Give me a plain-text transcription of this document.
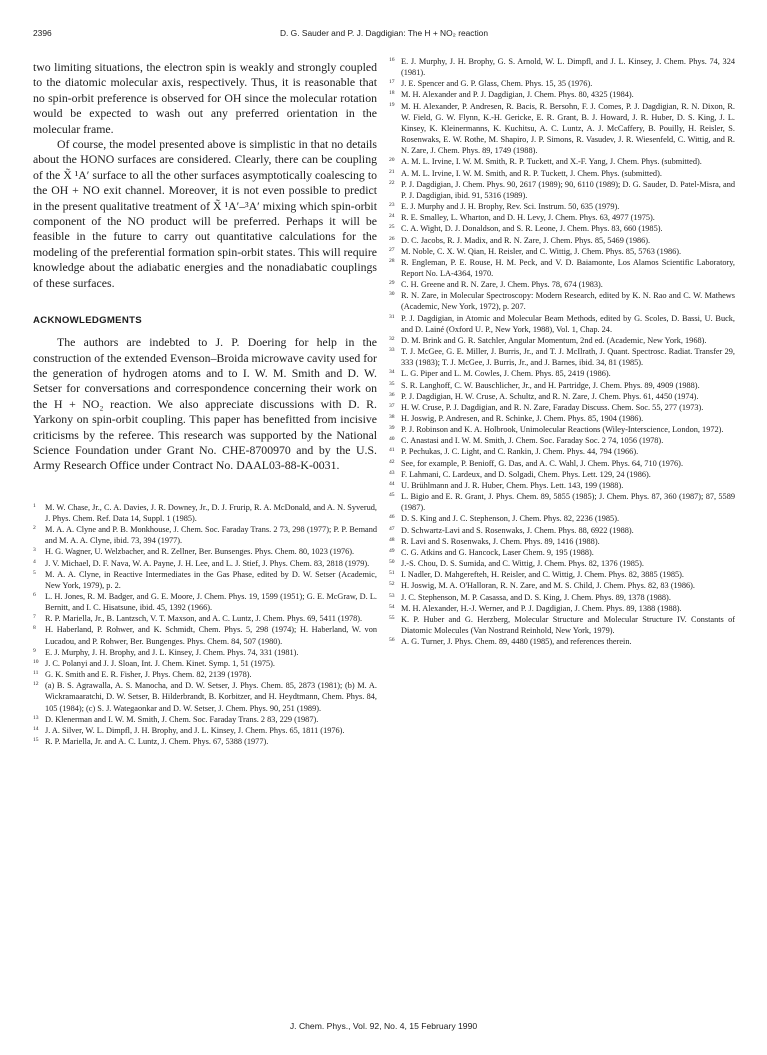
2396	D. G. Sauder and P. J. Dagdigian: The H + NO₂ reaction

two limiting situations, the electron spin is weakly and strongly coupled to the diatomic molecular axis, respectively. Thus, it is reasonable that no spin-orbit preference is observed for OH since the molecular rotation would be expected to wash out any preferred orientation in the molecular frame.

Of course, the model presented above is simplistic in that no details about the HONO surfaces are considered. Clearly, there can be coupling of the X̃ ¹A′ surface to all the other surfaces asymptotically coalescing to the OH + NO exit channel. Moreover, it is not even possible to predict in the present qualitative treatment of X̃ ¹A′–³A′ mixing which spin-orbit component of the NO product will be preferred. Perhaps it will be feasible in the future to carry out quantitative calculations for the modeling of the preferential formation spin-orbit states. This will require knowledge about the adiabatic energies and the nonadiabatic couplings of these surfaces.

ACKNOWLEDGMENTS

The authors are indebted to J. P. Doering for help in the construction of the extended Evenson–Broida microwave cavity used for the generation of hydrogen atoms and to I. W. M. Smith and D. W. Setser for conversations and correspondence concerning their work on the H + NO₂ reaction. We also appreciate discussions with D. R. Yarkony on spin-orbit coupling. This paper has benefitted from incisive criticisms by the referee. This research was supported by the National Science Foundation under Grant No. CHE-8700970 and by the U.S. Army Research Office under Contract No. DAAL03-88-K-0031.

1 M. W. Chase, Jr., C. A. Davies, J. R. Downey, Jr., D. J. Frurip, R. A. McDonald, and A. N. Syverud, J. Phys. Chem. Ref. Data 14, Suppl. 1 (1985).
2 M. A. A. Clyne and P. B. Monkhouse, J. Chem. Soc. Faraday Trans. 2 73, 298 (1977); P. P. Bemand and M. A. A. Clyne, ibid. 73, 394 (1977).
3 H. G. Wagner, U. Welzbacher, and R. Zellner, Ber. Bunsenges. Phys. Chem. 80, 1023 (1976).
4 J. V. Michael, D. F. Nava, W. A. Payne, J. H. Lee, and L. J. Stief, J. Phys. Chem. 83, 2818 (1979).
5 M. A. A. Clyne, in Reactive Intermediates in the Gas Phase, edited by D. W. Setser (Academic, New York, 1979), p. 2.
6 L. H. Jones, R. M. Badger, and G. E. Moore, J. Chem. Phys. 19, 1599 (1951); G. E. McGraw, D. L. Bernitt, and I. C. Hisatsune, ibid. 45, 1392 (1966).
7 R. P. Mariella, Jr., B. Lantzsch, V. T. Maxson, and A. C. Luntz, J. Chem. Phys. 69, 5411 (1978).
8 H. Haberland, P. Rohwer, and K. Schmidt, Chem. Phys. 5, 298 (1974); H. Haberland, W. von Lucadou, and P. Rohwer, Ber. Bungenges. Phys. Chem. 84, 507 (1980).
9 E. J. Murphy, J. H. Brophy, and J. L. Kinsey, J. Chem. Phys. 74, 331 (1981).
10 J. C. Polanyi and J. J. Sloan, Int. J. Chem. Kinet. Symp. 1, 51 (1975).
11 G. K. Smith and E. R. Fisher, J. Phys. Chem. 82, 2139 (1978).
12 (a) B. S. Agrawalla, A. S. Manocha, and D. W. Setser, J. Phys. Chem. 85, 2873 (1981); (b) M. A. Wickramaaratchi, D. W. Setser, B. Hilderbrandt, B. Korbitzer, and H. Heydtmann, Chem. Phys. 84, 105 (1984); (c) S. J. Wategaonkar and D. W. Setser, J. Chem. Phys. 90, 251 (1989).
13 D. Klenerman and I. W. M. Smith, J. Chem. Soc. Faraday Trans. 2 83, 229 (1987).
14 J. A. Silver, W. L. Dimpfl, J. H. Brophy, and J. L. Kinsey, J. Chem. Phys. 65, 1811 (1976).
15 R. P. Mariella, Jr. and A. C. Luntz, J. Chem. Phys. 67, 5388 (1977).
16 E. J. Murphy, J. H. Brophy, G. S. Arnold, W. L. Dimpfl, and J. L. Kinsey, J. Chem. Phys. 74, 324 (1981).
17 J. E. Spencer and G. P. Glass, Chem. Phys. 15, 35 (1976).
18 M. H. Alexander and P. J. Dagdigian, J. Chem. Phys. 80, 4325 (1984).
19 M. H. Alexander, P. Andresen, R. Bacis, R. Bersohn, F. J. Comes, P. J. Dagdigian, R. N. Dixon, R. W. Field, G. W. Flynn, K.-H. Gericke, E. R. Grant, B. J. Howard, J. R. Huber, D. S. King, J. L. Kinsey, K. Kleinermanns, K. Kuchitsu, A. C. Luntz, A. J. McCaffery, B. Pouilly, H. Reisler, S. Rosenwaks, E. W. Rothe, M. Shapiro, J. P. Simons, R. Vasudev, J. R. Wiesenfeld, C. Wittig, and R. N. Zare, J. Chem. Phys. 89, 1749 (1988).
20 A. M. L. Irvine, I. W. M. Smith, R. P. Tuckett, and X.-F. Yang, J. Chem. Phys. (submitted).
21 A. M. L. Irvine, I. W. M. Smith, and R. P. Tuckett, J. Chem. Phys. (submitted).
22 P. J. Dagdigian, J. Chem. Phys. 90, 2617 (1989); 90, 6110 (1989); D. G. Sauder, D. Patel-Misra, and P. J. Dagdigian, ibid. 91, 5316 (1989).
23 E. J. Murphy and J. H. Brophy, Rev. Sci. Instrum. 50, 635 (1979).
24 R. E. Smalley, L. Wharton, and D. H. Levy, J. Chem. Phys. 63, 4977 (1975).
25 C. A. Wight, D. J. Donaldson, and S. R. Leone, J. Chem. Phys. 83, 660 (1985).
26 D. C. Jacobs, R. J. Madix, and R. N. Zare, J. Chem. Phys. 85, 5469 (1986).
27 M. Noble, C. X. W. Qian, H. Reisler, and C. Wittig, J. Chem. Phys. 85, 5763 (1986).
28 R. Engleman, P. E. Rouse, H. M. Peck, and V. D. Baiamonte, Los Alamos Scientific Laboratory, Report No. LA-4364, 1970.
29 C. H. Greene and R. N. Zare, J. Chem. Phys. 78, 674 (1983).
30 R. N. Zare, in Molecular Spectroscopy: Modern Research, edited by K. N. Rao and C. W. Mathews (Academic, New York, 1972), p. 207.
31 P. J. Dagdigian, in Atomic and Molecular Beam Methods, edited by G. Scoles, D. Bassi, U. Buck, and D. Lainé (Oxford U. P., New York, 1988), Vol. 1, Chap. 24.
32 D. M. Brink and G. R. Satchler, Angular Momentum, 2nd ed. (Academic, New York, 1968).
33 T. J. McGee, G. E. Miller, J. Burris, Jr., and T. J. McIlrath, J. Quant. Spectrosc. Radiat. Transfer 29, 333 (1983); T. J. McGee, J. Burris, Jr., and J. Barnes, ibid. 34, 81 (1985).
34 L. G. Piper and L. M. Cowles, J. Chem. Phys. 85, 2419 (1986).
35 S. R. Langhoff, C. W. Bauschlicher, Jr., and H. Partridge, J. Chem. Phys. 89, 4909 (1988).
36 P. J. Dagdigian, H. W. Cruse, A. Schultz, and R. N. Zare, J. Chem. Phys. 61, 4450 (1974).
37 H. W. Cruse, P. J. Dagdigian, and R. N. Zare, Faraday Discuss. Chem. Soc. 55, 277 (1973).
38 H. Joswig, P. Andresen, and R. Schinke, J. Chem. Phys. 85, 1904 (1986).
39 P. J. Robinson and K. A. Holbrook, Unimolecular Reactions (Wiley-Interscience, London, 1972).
40 C. Anastasi and I. W. M. Smith, J. Chem. Soc. Faraday Soc. 2 74, 1056 (1978).
41 P. Pechukas, J. C. Light, and C. Rankin, J. Chem. Phys. 44, 794 (1966).
42 See, for example, P. Benioff, G. Das, and A. C. Wahl, J. Chem. Phys. 64, 710 (1976).
43 F. Lahmani, C. Lardeux, and D. Solgadi, Chem. Phys. Lett. 129, 24 (1986).
44 U. Brühlmann and J. R. Huber, Chem. Phys. Lett. 143, 199 (1988).
45 L. Bigio and E. R. Grant, J. Phys. Chem. 89, 5855 (1985); J. Chem. Phys. 87, 360 (1987); 87, 5589 (1987).
46 D. S. King and J. C. Stephenson, J. Chem. Phys. 82, 2236 (1985).
47 D. Schwartz-Lavi and S. Rosenwaks, J. Chem. Phys. 88, 6922 (1988).
48 R. Lavi and S. Rosenwaks, J. Chem. Phys. 89, 1416 (1988).
49 C. G. Atkins and G. Hancock, Laser Chem. 9, 195 (1988).
50 J.-S. Chou, D. S. Sumida, and C. Wittig, J. Chem. Phys. 82, 1376 (1985).
51 I. Nadler, D. Mahgerefteh, H. Reisler, and C. Wittig, J. Chem. Phys. 82, 3885 (1985).
52 H. Joswig, M. A. O'Halloran, R. N. Zare, and M. S. Child, J. Chem. Phys. 82, 83 (1986).
53 J. C. Stephenson, M. P. Casassa, and D. S. King, J. Chem. Phys. 89, 1378 (1988).
54 M. H. Alexander, H.-J. Werner, and P. J. Dagdigian, J. Chem. Phys. 89, 1388 (1988).
55 K. P. Huber and G. Herzberg, Molecular Structure and Molecular Structure IV. Constants of Diatomic Molecules (Van Nostrand Reinhold, New York, 1979).
56 A. G. Turner, J. Phys. Chem. 89, 4480 (1985), and references therein.
J. Chem. Phys., Vol. 92, No. 4, 15 February 1990
